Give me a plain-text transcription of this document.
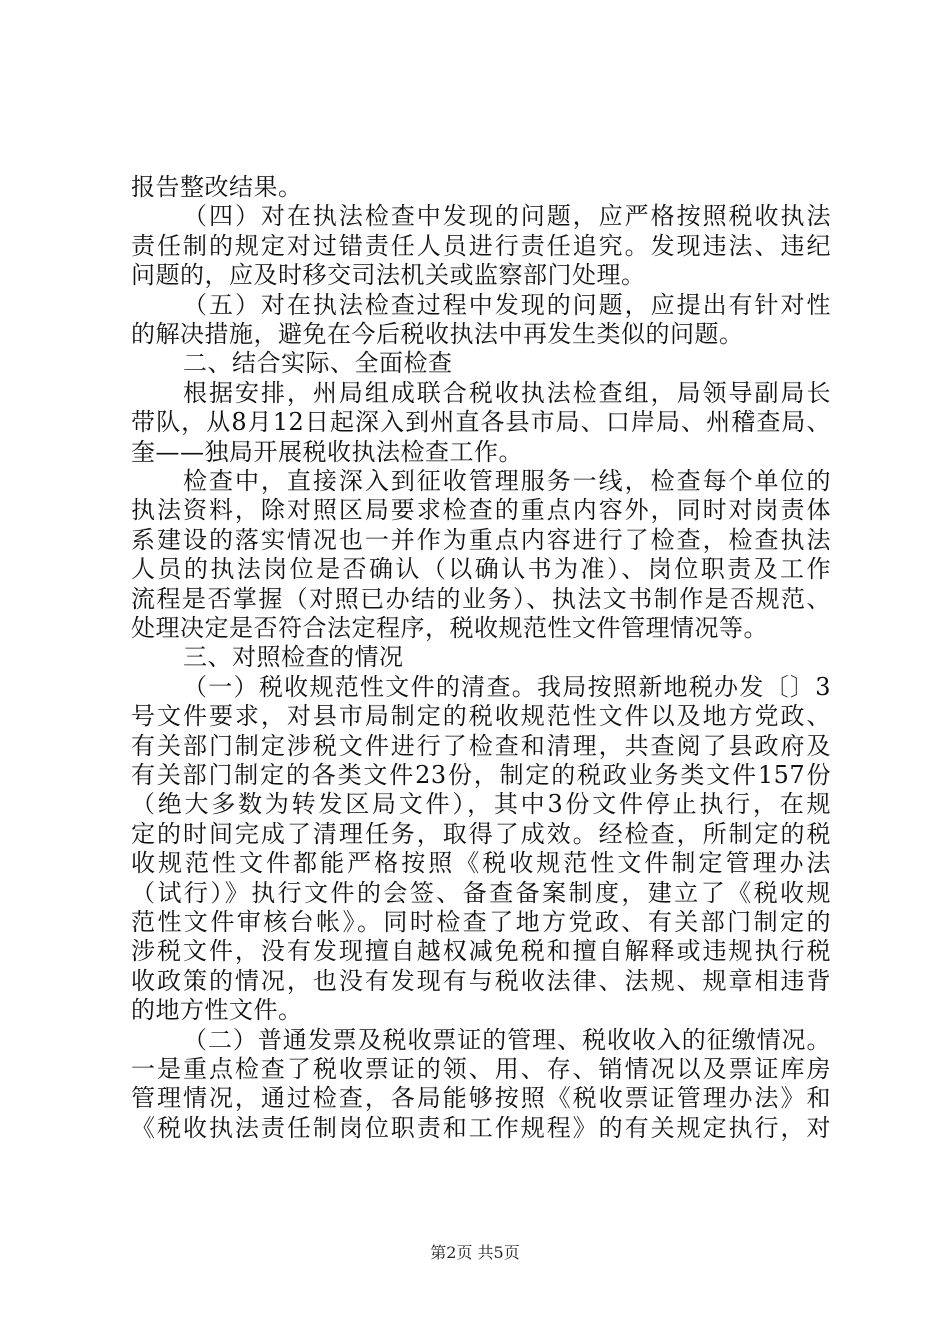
报告整改结果。
（四）对在执法检查中发现的问题，应严格按照税收执法
责任制的规定对过错责任人员进行责任追究。发现违法、违纪
问题的，应及时移交司法机关或监察部门处理。
（五）对在执法检查过程中发现的问题，应提出有针对性
的解决措施，避免在今后税收执法中再发生类似的问题。
二、结合实际、全面检查
根据安排，州局组成联合税收执法检查组，局领导副局长
带队，从8月12日起深入到州直各县市局、口岸局、州稽查局、
奎——独局开展税收执法检查工作。
检查中，直接深入到征收管理服务一线，检查每个单位的
执法资料，除对照区局要求检查的重点内容外，同时对岗责体
系建设的落实情况也一并作为重点内容进行了检查，检查执法
人员的执法岗位是否确认（以确认书为准）、岗位职责及工作
流程是否掌握（对照已办结的业务）、执法文书制作是否规范、
处理决定是否符合法定程序，税收规范性文件管理情况等。
三、对照检查的情况
（一）税收规范性文件的清查。我局按照新地税办发〔〕3
号文件要求，对县市局制定的税收规范性文件以及地方党政、
有关部门制定涉税文件进行了检查和清理，共查阅了县政府及
有关部门制定的各类文件23份，制定的税政业务类文件157份
（绝大多数为转发区局文件），其中3份文件停止执行，在规
定的时间完成了清理任务，取得了成效。经检查，所制定的税
收规范性文件都能严格按照《税收规范性文件制定管理办法
（试行）》执行文件的会签、备查备案制度，建立了《税收规
范性文件审核台帐》。同时检查了地方党政、有关部门制定的
涉税文件，没有发现擅自越权减免税和擅自解释或违规执行税
收政策的情况，也没有发现有与税收法律、法规、规章相违背
的地方性文件。
（二）普通发票及税收票证的管理、税收收入的征缴情况。
一是重点检查了税收票证的领、用、存、销情况以及票证库房
管理情况，通过检查，各局能够按照《税收票证管理办法》和
《税收执法责任制岗位职责和工作规程》的有关规定执行，对
第2页 共5页
